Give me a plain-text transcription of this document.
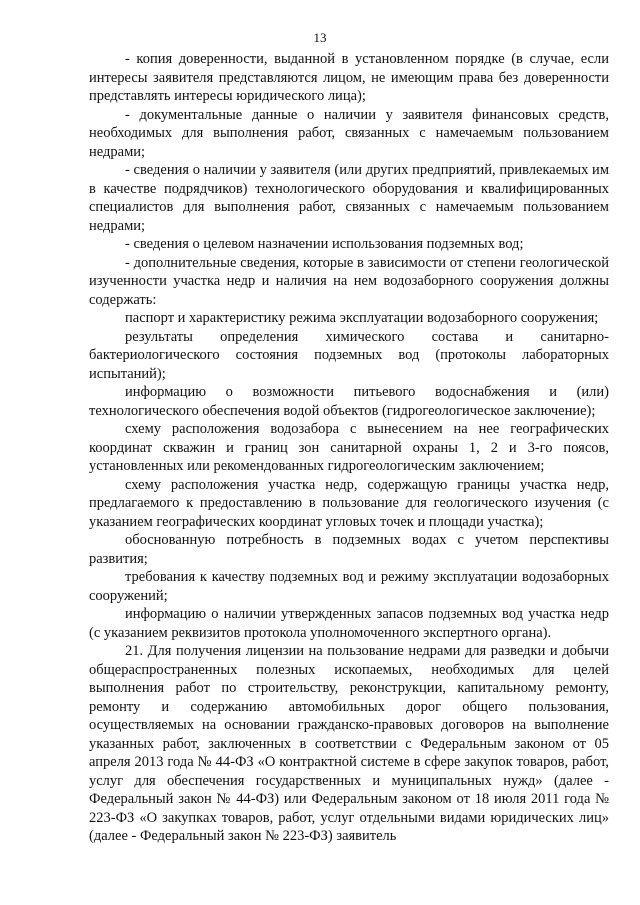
13

- копия доверенности, выданной в установленном порядке (в случае, если интересы заявителя представляются лицом, не имеющим права без доверенности представлять интересы юридического лица);

- документальные данные о наличии у заявителя финансовых средств, необходимых для выполнения работ, связанных с намечаемым пользованием недрами;

- сведения о наличии у заявителя (или других предприятий, привлекаемых им в качестве подрядчиков) технологического оборудования и квалифицированных специалистов для выполнения работ, связанных с намечаемым пользованием недрами;

- сведения о целевом назначении использования подземных вод;

- дополнительные сведения, которые в зависимости от степени геологической изученности участка недр и наличия на нем водозаборного сооружения должны содержать:

паспорт и характеристику режима эксплуатации водозаборного сооружения;

результаты определения химического состава и санитарно-бактериологического состояния подземных вод (протоколы лабораторных испытаний);

информацию о возможности питьевого водоснабжения и (или) технологического обеспечения водой объектов (гидрогеологическое заключение);

схему расположения водозабора с вынесением на нее географических координат скважин и границ зон санитарной охраны 1, 2 и 3-го поясов, установленных или рекомендованных гидрогеологическим заключением;

схему расположения участка недр, содержащую границы участка недр, предлагаемого к предоставлению в пользование для геологического изучения (с указанием географических координат угловых точек и площади участка);

обоснованную потребность в подземных водах с учетом перспективы развития;

требования к качеству подземных вод и режиму эксплуатации водозаборных сооружений;

информацию о наличии утвержденных запасов подземных вод участка недр (с указанием реквизитов протокола уполномоченного экспертного органа).

21. Для получения лицензии на пользование недрами для разведки и добычи общераспространенных полезных ископаемых, необходимых для целей выполнения работ по строительству, реконструкции, капитальному ремонту, ремонту и содержанию автомобильных дорог общего пользования, осуществляемых на основании гражданско-правовых договоров на выполнение указанных работ, заключенных в соответствии с Федеральным законом от 05 апреля 2013 года № 44-ФЗ «О контрактной системе в сфере закупок товаров, работ, услуг для обеспечения государственных и муниципальных нужд» (далее - Федеральный закон № 44-ФЗ) или Федеральным законом от 18 июля 2011 года № 223-ФЗ «О закупках товаров, работ, услуг отдельными видами юридических лиц» (далее - Федеральный закон № 223-ФЗ) заявитель
